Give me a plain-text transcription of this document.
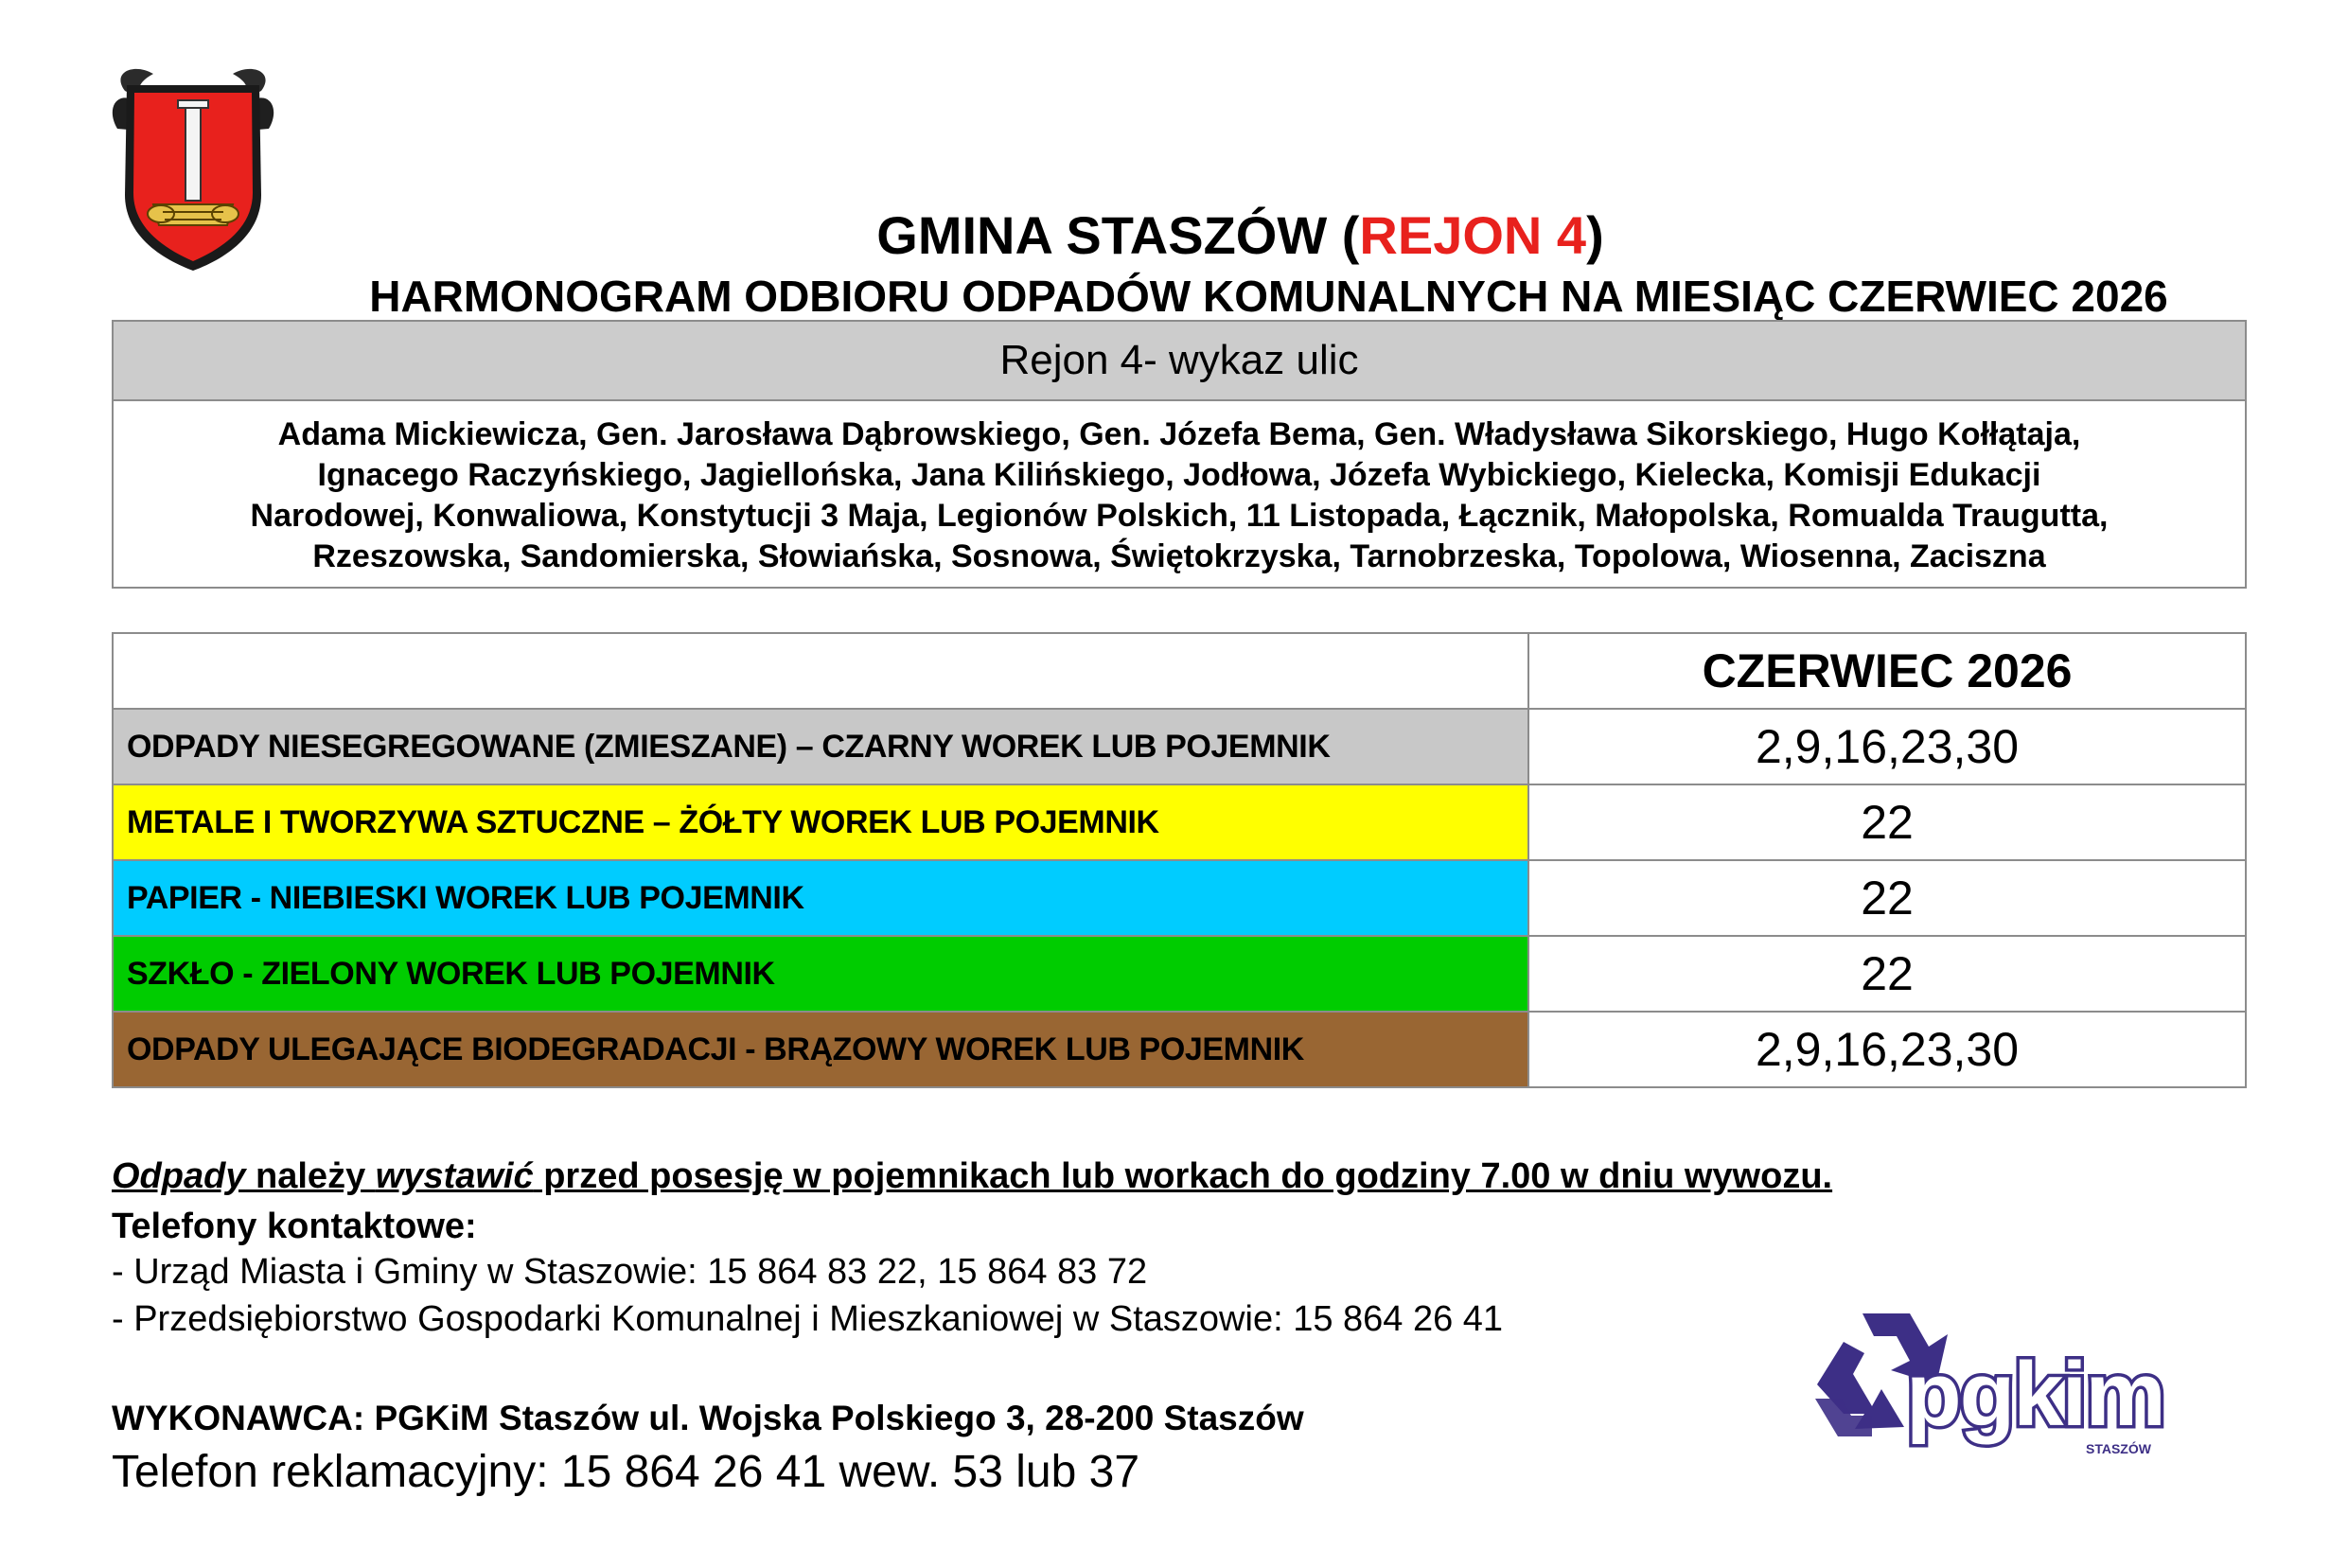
GMINA STASZÓW (REJON 4)
HARMONOGRAM ODBIORU ODPADÓW KOMUNALNYCH NA MIESIĄC CZERWIEC 2026
Rejon 4- wykaz ulic
Adama Mickiewicza, Gen. Jarosława Dąbrowskiego, Gen. Józefa Bema, Gen. Władysława Sikorskiego, Hugo Kołłątaja,
Ignacego Raczyńskiego, Jagiellońska, Jana Kilińskiego, Jodłowa, Józefa Wybickiego, Kielecka, Komisji Edukacji
Narodowej, Konwaliowa, Konstytucji 3 Maja, Legionów Polskich, 11 Listopada, Łącznik, Małopolska, Romualda Traugutta,
Rzeszowska, Sandomierska, Słowiańska, Sosnowa, Świętokrzyska, Tarnobrzeska, Topolowa, Wiosenna, Zaciszna
	CZERWIEC 2026
ODPADY NIESEGREGOWANE (ZMIESZANE) – CZARNY WOREK LUB POJEMNIK	2,9,16,23,30
METALE I TWORZYWA SZTUCZNE – ŻÓŁTY WOREK LUB POJEMNIK	22
PAPIER - NIEBIESKI WOREK LUB POJEMNIK	22
SZKŁO - ZIELONY WOREK LUB POJEMNIK	22
ODPADY ULEGAJĄCE BIODEGRADACJI - BRĄZOWY WOREK LUB POJEMNIK	2,9,16,23,30
Odpady należy wystawić przed posesję w pojemnikach lub workach do godziny 7.00 w dniu wywozu.
Telefony kontaktowe:
- Urząd Miasta i Gminy w Staszowie: 15 864 83 22, 15 864 83 72
- Przedsiębiorstwo Gospodarki Komunalnej i Mieszkaniowej w Staszowie: 15 864 26 41
WYKONAWCA: PGKiM Staszów ul. Wojska Polskiego 3, 28-200 Staszów
Telefon reklamacyjny: 15 864 26 41 wew. 53 lub 37
pgkim
STASZÓW
